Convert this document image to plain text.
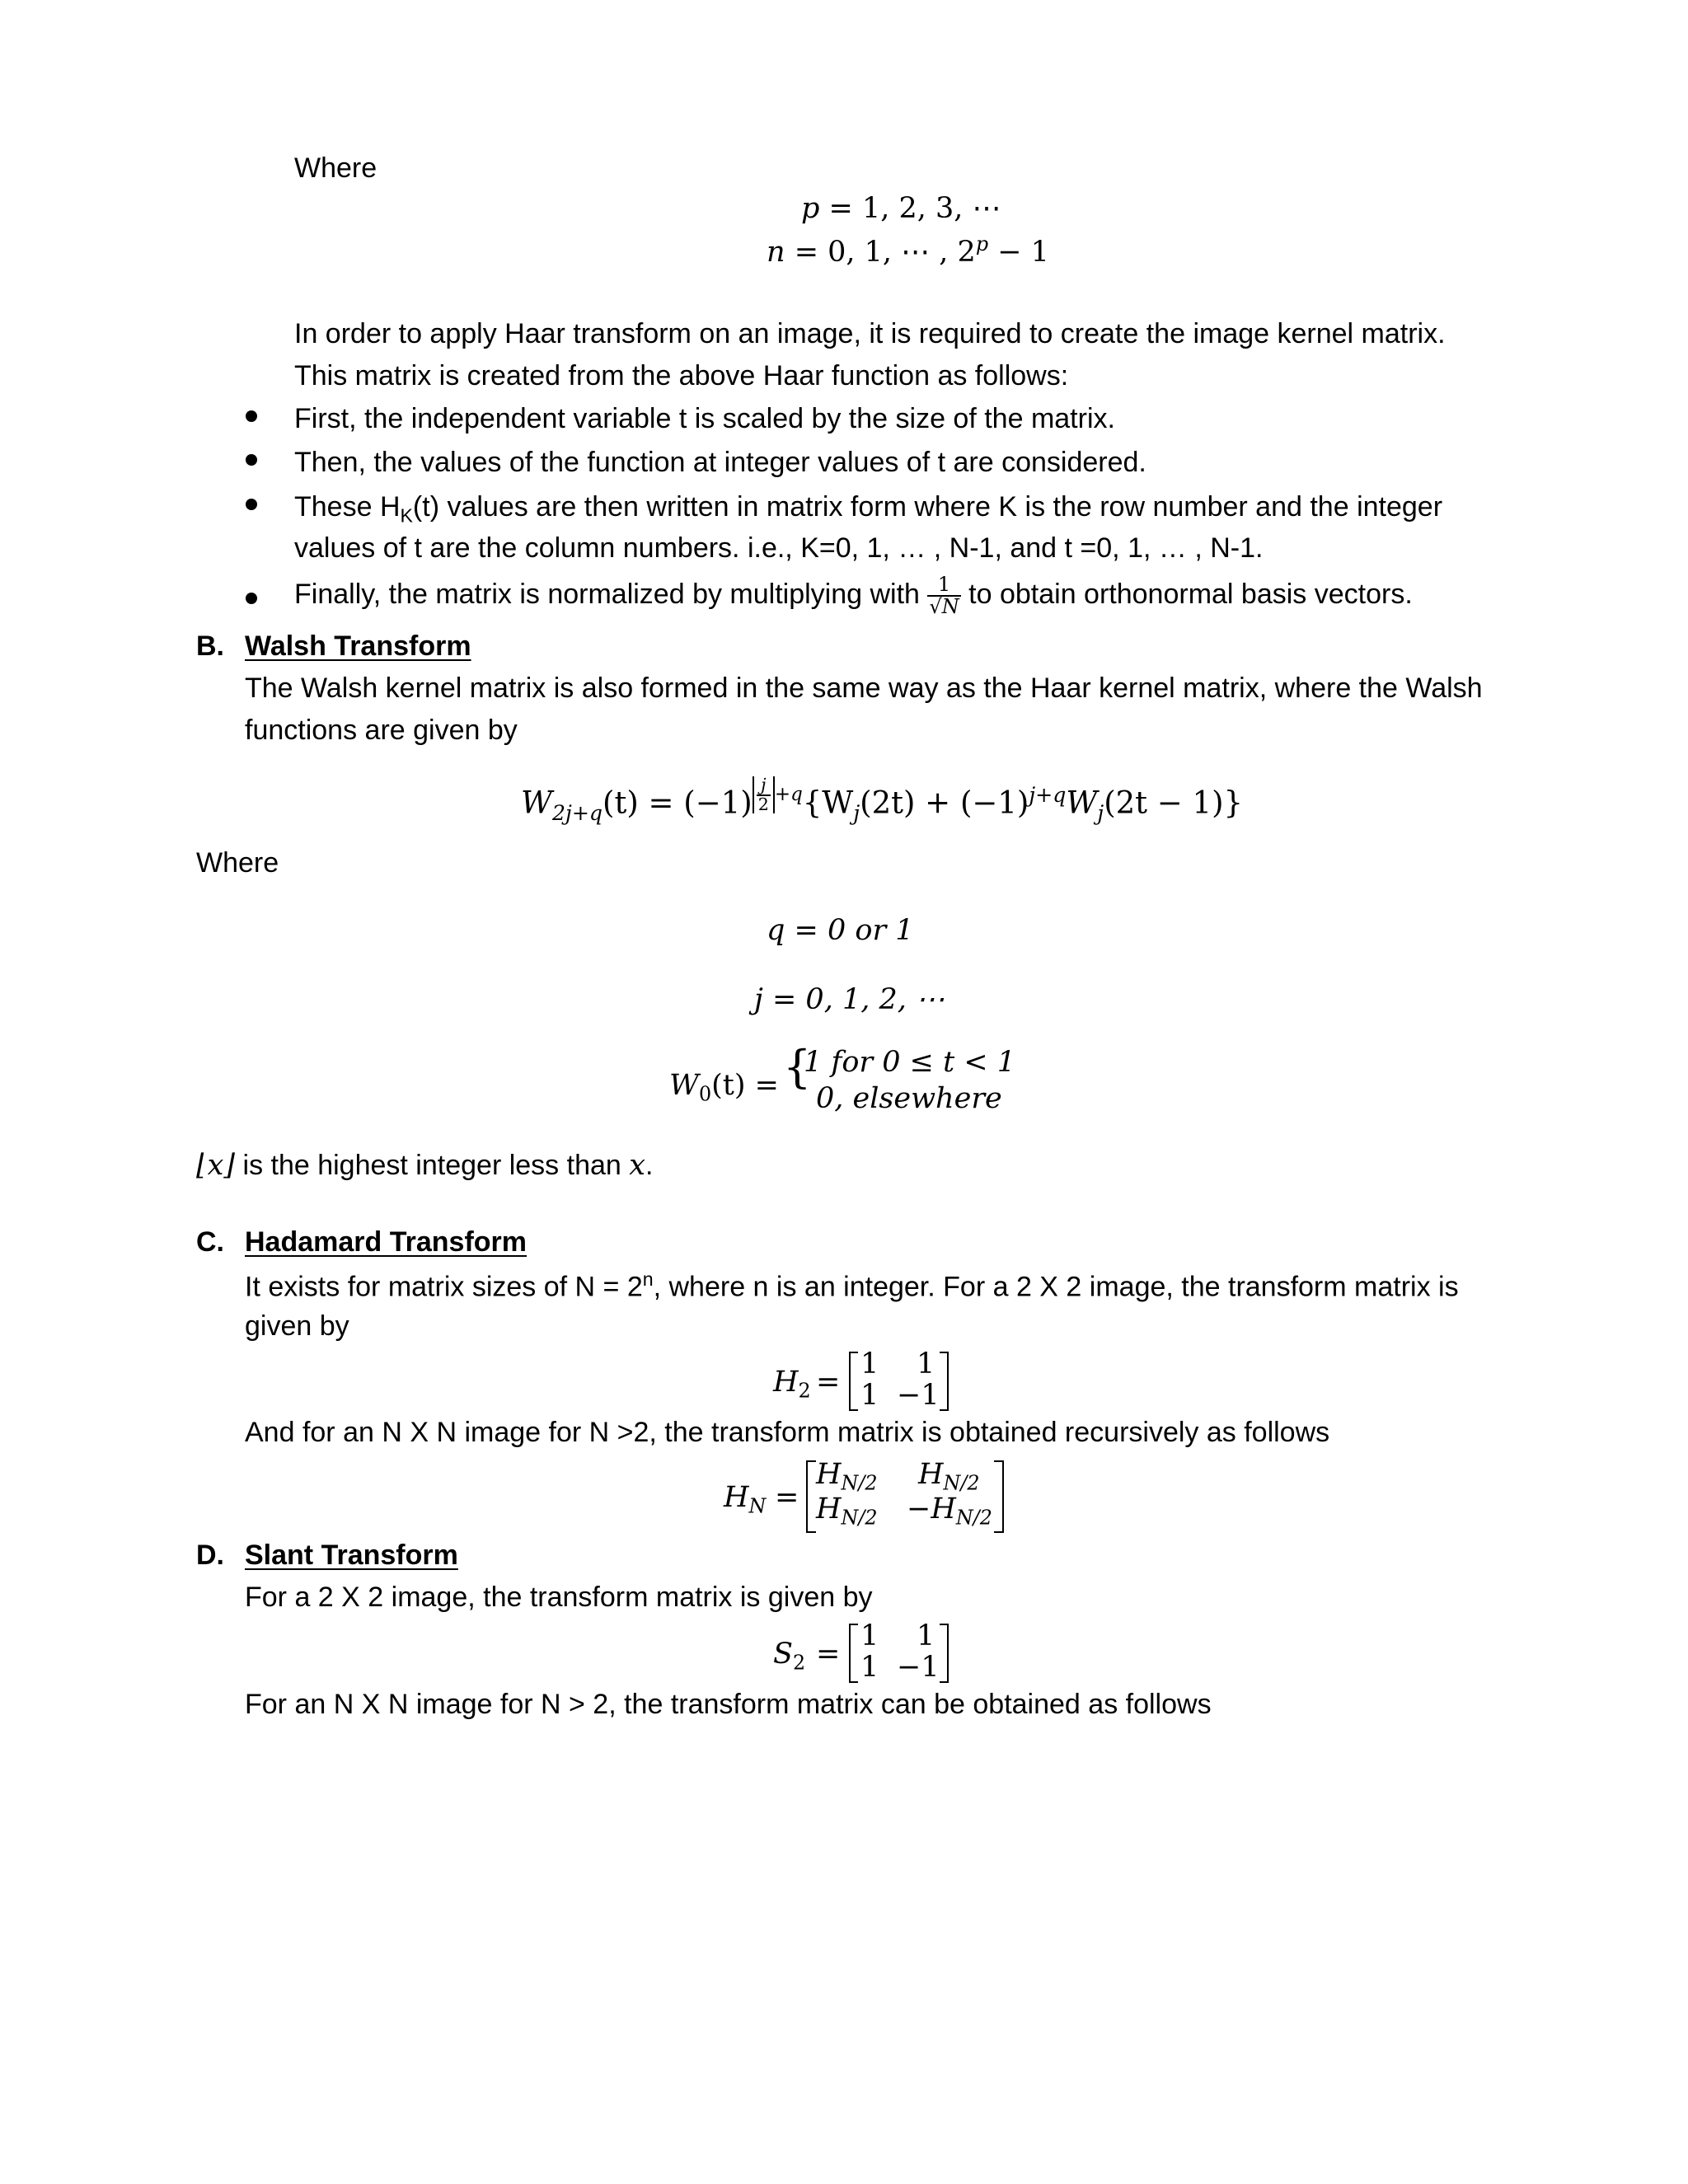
Where
p = 1, 2, 3, ⋯
n = 0, 1, ⋯ , $2^p - 1$
In order to apply Haar transform on an image, it is required to create the image kernel matrix.
This matrix is created from the above Haar function as follows:
First, the independent variable t is scaled by the size of the matrix.
Then, the values of the function at integer values of t are considered.
These $H_K(t)$ values are then written in matrix form where K is the row number and the integer
values of t are the column numbers. i.e., K=0, 1, … , N-1, and t =0, 1, … , N-1.
Finally, the matrix is normalized by multiplying with $\frac{1}{√N}$ to obtain orthonormal basis vectors.
B. Walsh Transform
The Walsh kernel matrix is also formed in the same way as the Haar kernel matrix, where the Walsh
functions are given by
$W_{2j+q}(t) = (-1) ^{\frac{j}{2} +q}\{W_j(2t) + (-1)^{j+q}W_j(2t - 1)\}$
Where
q = 0 or 1
j = 0, 1, 2, ⋯
$W_0(t)$ = {
1 for 0 ≤ t < 1
0, elsewhere
⌊x⌋ is the highest integer less than x.
C. Hadamard Transform
It exists for matrix sizes of $N = 2^n$, where n is an integer. For a 2 X 2 image, the transform matrix is
given by
$H_2$ =
1 1
1 −1
And for an N X N image for N >2, the transform matrix is obtained recursively as follows
$H_N$ =
$H_{N/2}$ $H_{N/2}$
$H_{N/2} -H_{N/2}$
D. Slant Transform
For a 2 X 2 image, the transform matrix is given by
$S_2$ =
1 1
1 −1
For an N X N image for N > 2, the transform matrix can be obtained as follows
